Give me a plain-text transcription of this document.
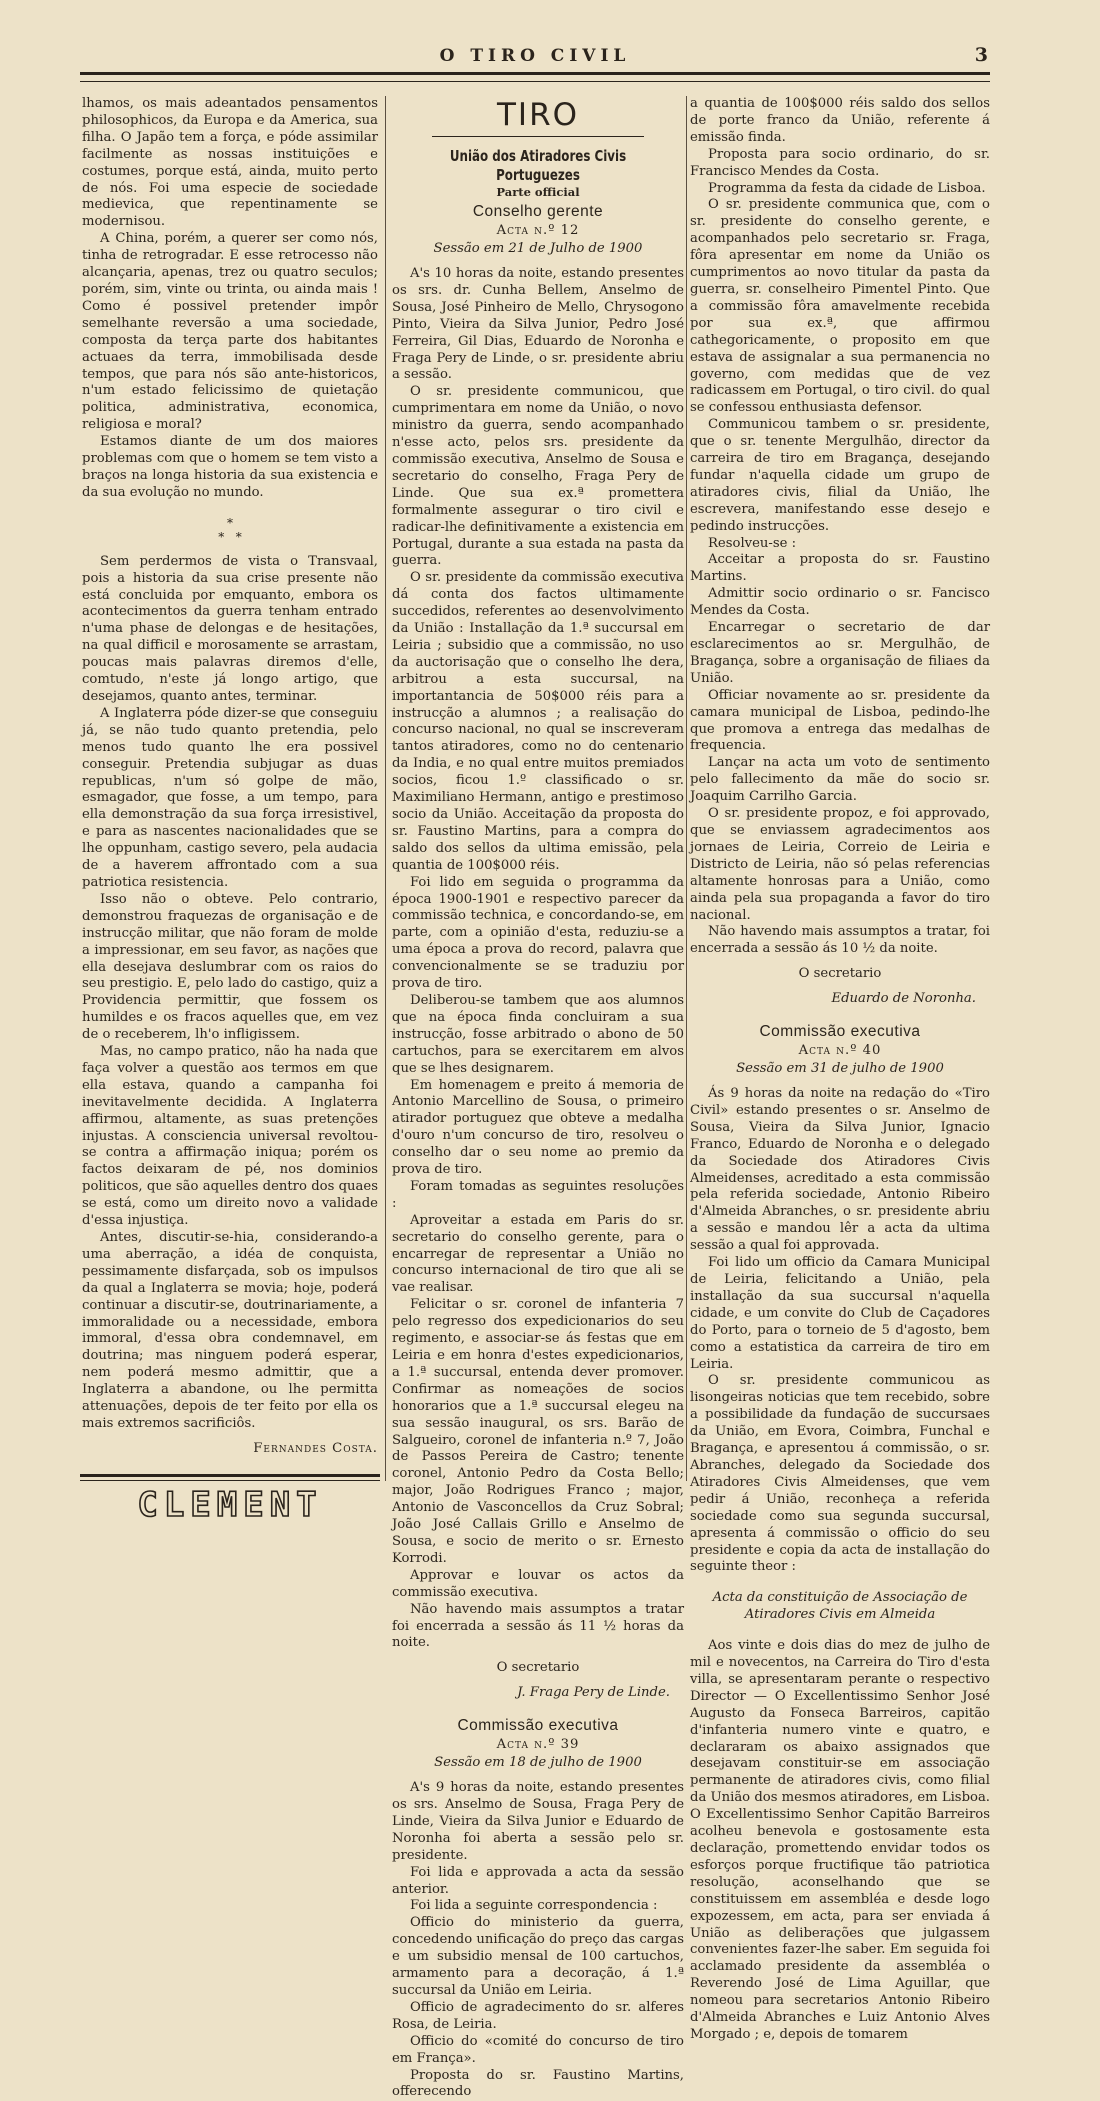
O TIRO CIVIL	3

lhamos, os mais adeantados pensamentos philosophicos, da Europa e da America, sua filha. O Japão tem a força, e póde assimilar facilmente as nossas instituições e costumes, porque está, ainda, muito perto de nós. Foi uma especie de sociedade medievica, que repentinamente se modernisou.

A China, porém, a querer ser como nós, tinha de retrogradar. E esse retrocesso não alcançaria, apenas, trez ou quatro seculos; porém, sim, vinte ou trinta, ou ainda mais ! Como é possivel pretender impôr semelhante reversão a uma sociedade, composta da terça parte dos habitantes actuaes da terra, immobilisada desde tempos, que para nós são ante-historicos, n'um estado felicissimo de quietação politica, administrativa, economica, religiosa e moral?

Estamos diante de um dos maiores problemas com que o homem se tem visto a braços na longa historia da sua existencia e da sua evolução no mundo.

*
*   *

Sem perdermos de vista o Transvaal, pois a historia da sua crise presente não está concluida por emquanto, embora os acontecimentos da guerra tenham entrado n'uma phase de delongas e de hesitações, na qual difficil e morosamente se arrastam, poucas mais palavras diremos d'elle, comtudo, n'este já longo artigo, que desejamos, quanto antes, terminar.

A Inglaterra póde dizer-se que conseguiu já, se não tudo quanto pretendia, pelo menos tudo quanto lhe era possivel conseguir. Pretendia subjugar as duas republicas, n'um só golpe de mão, esmagador, que fosse, a um tempo, para ella demonstração da sua força irresistivel, e para as nascentes nacionalidades que se lhe oppunham, castigo severo, pela audacia de a haverem affrontado com a sua patriotica resistencia.

Isso não o obteve. Pelo contrario, demonstrou fraquezas de organisação e de instrucção militar, que não foram de molde a impressionar, em seu favor, as nações que ella desejava deslumbrar com os raios do seu prestigio. E, pelo lado do castigo, quiz a Providencia permittir, que fossem os humildes e os fracos aquelles que, em vez de o receberem, lh'o infligissem.

Mas, no campo pratico, não ha nada que faça volver a questão aos termos em que ella estava, quando a campanha foi inevitavelmente decidida. A Inglaterra affirmou, altamente, as suas pretenções injustas. A consciencia universal revoltou-se contra a affirmação iniqua; porém os factos deixaram de pé, nos dominios politicos, que são aquelles dentro dos quaes se está, como um direito novo a validade d'essa injustiça.

Antes, discutir-se-hia, considerando-a uma aberração, a idéa de conquista, pessimamente disfarçada, sob os impulsos da qual a Inglaterra se movia; hoje, poderá continuar a discutir-se, doutrinariamente, a immoralidade ou a necessidade, embora immoral, d'essa obra condemnavel, em doutrina; mas ninguem poderá esperar, nem poderá mesmo admittir, que a Inglaterra a abandone, ou lhe permitta attenuações, depois de ter feito por ella os mais extremos sacrificiôs.

Fernandes Costa.

CLEMENT
TIRO
União dos Atiradores Civis Portuguezes
Parte official
Conselho gerente
Acta n.º 12
Sessão em 21 de Julho de 1900

A's 10 horas da noite, estando presentes os srs. dr. Cunha Bellem, Anselmo de Sousa, José Pinheiro de Mello, Chrysogono Pinto, Vieira da Silva Junior, Pedro José Ferreira, Gil Dias, Eduardo de Noronha e Fraga Pery de Linde, o sr. presidente abriu a sessão.

O sr. presidente communicou, que cumprimentara em nome da União, o novo ministro da guerra, sendo acompanhado n'esse acto, pelos srs. presidente da commissão executiva, Anselmo de Sousa e secretario do conselho, Fraga Pery de Linde. Que sua ex.ª promettera formalmente assegurar o tiro civil e radicar-lhe definitivamente a existencia em Portugal, durante a sua estada na pasta da guerra.

O sr. presidente da commissão executiva dá conta dos factos ultimamente succedidos, referentes ao desenvolvimento da União : Installação da 1.ª succursal em Leiria ; subsidio que a commissão, no uso da auctorisação que o conselho lhe dera, arbitrou a esta succursal, na importantancia de 50$000 réis para a instrucção a alumnos ; a realisação do concurso nacional, no qual se inscreveram tantos atiradores, como no do centenario da India, e no qual entre muitos premiados socios, ficou 1.º classificado o sr. Maximiliano Hermann, antigo e prestimoso socio da União. Acceitação da proposta do sr. Faustino Martins, para a compra do saldo dos sellos da ultima emissão, pela quantia de 100$000 réis.

Foi lido em seguida o programma da época 1900-1901 e respectivo parecer da commissão technica, e concordando-se, em parte, com a opinião d'esta, reduziu-se a uma época a prova do record, palavra que convencionalmente se se traduziu por prova de tiro.

Deliberou-se tambem que aos alumnos que na época finda concluiram a sua instrucção, fosse arbitrado o abono de 50 cartuchos, para se exercitarem em alvos que se lhes designarem.

Em homenagem e preito á memoria de Antonio Marcellino de Sousa, o primeiro atirador portuguez que obteve a medalha d'ouro n'um concurso de tiro, resolveu o conselho dar o seu nome ao premio da prova de tiro.

Foram tomadas as seguintes resoluções :

Aproveitar a estada em Paris do sr. secretario do conselho gerente, para o encarregar de representar a União no concurso internacional de tiro que ali se vae realisar.

Felicitar o sr. coronel de infanteria 7 pelo regresso dos expedicionarios do seu regimento, e associar-se ás festas que em Leiria e em honra d'estes expedicionarios, a 1.ª succursal, entenda dever promover. Confirmar as nomeações de socios honorarios que a 1.ª succursal elegeu na sua sessão inaugural, os srs. Barão de Salgueiro, coronel de infanteria n.º 7, João de Passos Pereira de Castro; tenente coronel, Antonio Pedro da Costa Bello; major, João Rodrigues Franco ; major, Antonio de Vasconcellos da Cruz Sobral; João José Callais Grillo e Anselmo de Sousa, e socio de merito o sr. Ernesto Korrodi.

Approvar e louvar os actos da commissão executiva.

Não havendo mais assumptos a tratar foi encerrada a sessão ás 11 ½ horas da noite.

O secretario

J. Fraga Pery de Linde.

Commissão executiva
Acta n.º 39
Sessão em 18 de julho de 1900

A's 9 horas da noite, estando presentes os srs. Anselmo de Sousa, Fraga Pery de Linde, Vieira da Silva Junior e Eduardo de Noronha foi aberta a sessão pelo sr. presidente.

Foi lida e approvada a acta da sessão anterior.

Foi lida a seguinte correspondencia :

Officio do ministerio da guerra, concedendo unificação do preço das cargas e um subsidio mensal de 100 cartuchos, armamento para a decoração, á 1.ª succursal da União em Leiria.

Officio de agradecimento do sr. alferes Rosa, de Leiria.

Officio do «comité do concurso de tiro em França».

Proposta do sr. Faustino Martins, offerecendo

a quantia de 100$000 réis saldo dos sellos de porte franco da União, referente á emissão finda.

Proposta para socio ordinario, do sr. Francisco Mendes da Costa.

Programma da festa da cidade de Lisboa.

O sr. presidente communica que, com o sr. presidente do conselho gerente, e acompanhados pelo secretario sr. Fraga, fôra apresentar em nome da União os cumprimentos ao novo titular da pasta da guerra, sr. conselheiro Pimentel Pinto. Que a commissão fôra amavelmente recebida por sua ex.ª, que affirmou cathegoricamente, o proposito em que estava de assignalar a sua permanencia no governo, com medidas que de vez radicassem em Portugal, o tiro civil. do qual se confessou enthusiasta defensor.

Communicou tambem o sr. presidente, que o sr. tenente Mergulhão, director da carreira de tiro em Bragança, desejando fundar n'aquella cidade um grupo de atiradores civis, filial da União, lhe escrevera, manifestando esse desejo e pedindo instrucções.

Resolveu-se :

Acceitar a proposta do sr. Faustino Martins.

Admittir socio ordinario o sr. Fancisco Mendes da Costa.

Encarregar o secretario de dar esclarecimentos ao sr. Mergulhão, de Bragança, sobre a organisação de filiaes da União.

Officiar novamente ao sr. presidente da camara municipal de Lisboa, pedindo-lhe que promova a entrega das medalhas de frequencia.

Lançar na acta um voto de sentimento pelo fallecimento da mãe do socio sr. Joaquim Carrilho Garcia.

O sr. presidente propoz, e foi approvado, que se enviassem agradecimentos aos jornaes de Leiria, Correio de Leiria e Districto de Leiria, não só pelas referencias altamente honrosas para a União, como ainda pela sua propaganda a favor do tiro nacional.

Não havendo mais assumptos a tratar, foi encerrada a sessão ás 10 ½ da noite.

O secretario

Eduardo de Noronha.

Commissão executiva
Acta n.º 40
Sessão em 31 de julho de 1900

Ás 9 horas da noite na redação do «Tiro Civil» estando presentes o sr. Anselmo de Sousa, Vieira da Silva Junior, Ignacio Franco, Eduardo de Noronha e o delegado da Sociedade dos Atiradores Civis Almeidenses, acreditado a esta commissão pela referida sociedade, Antonio Ribeiro d'Almeida Abranches, o sr. presidente abriu a sessão e mandou lêr a acta da ultima sessão a qual foi approvada.

Foi lido um officio da Camara Municipal de Leiria, felicitando a União, pela installação da sua succursal n'aquella cidade, e um convite do Club de Caçadores do Porto, para o torneio de 5 d'agosto, bem como a estatistica da carreira de tiro em Leiria.

O sr. presidente communicou as lisongeiras noticias que tem recebido, sobre a possibilidade da fundação de succursaes da União, em Evora, Coimbra, Funchal e Bragança, e apresentou á commissão, o sr. Abranches, delegado da Sociedade dos Atiradores Civis Almeidenses, que vem pedir á União, reconheça a referida sociedade como sua segunda succursal, apresenta á commissão o officio do seu presidente e copia da acta de installação do seguinte theor :

Acta da constituição de Associação de Atiradores Civis em Almeida

Aos vinte e dois dias do mez de julho de mil e novecentos, na Carreira do Tiro d'esta villa, se apresentaram perante o respectivo Director — O Excellentissimo Senhor José Augusto da Fonseca Barreiros, capitão d'infanteria numero vinte e quatro, e declararam os abaixo assignados que desejavam constituir-se em associação permanente de atiradores civis, como filial da União dos mesmos atiradores, em Lisboa. O Excellentissimo Senhor Capitão Barreiros acolheu benevola e gostosamente esta declaração, promettendo envidar todos os esforços porque fructifique tão patriotica resolução, aconselhando que se constituissem em assembléa e desde logo expozessem, em acta, para ser enviada á União as deliberações que julgassem convenientes fazer-lhe saber. Em seguida foi acclamado presidente da assembléa o Reverendo José de Lima Aguillar, que nomeou para secretarios Antonio Ribeiro d'Almeida Abranches e Luiz Antonio Alves Morgado ; e, depois de tomarem
